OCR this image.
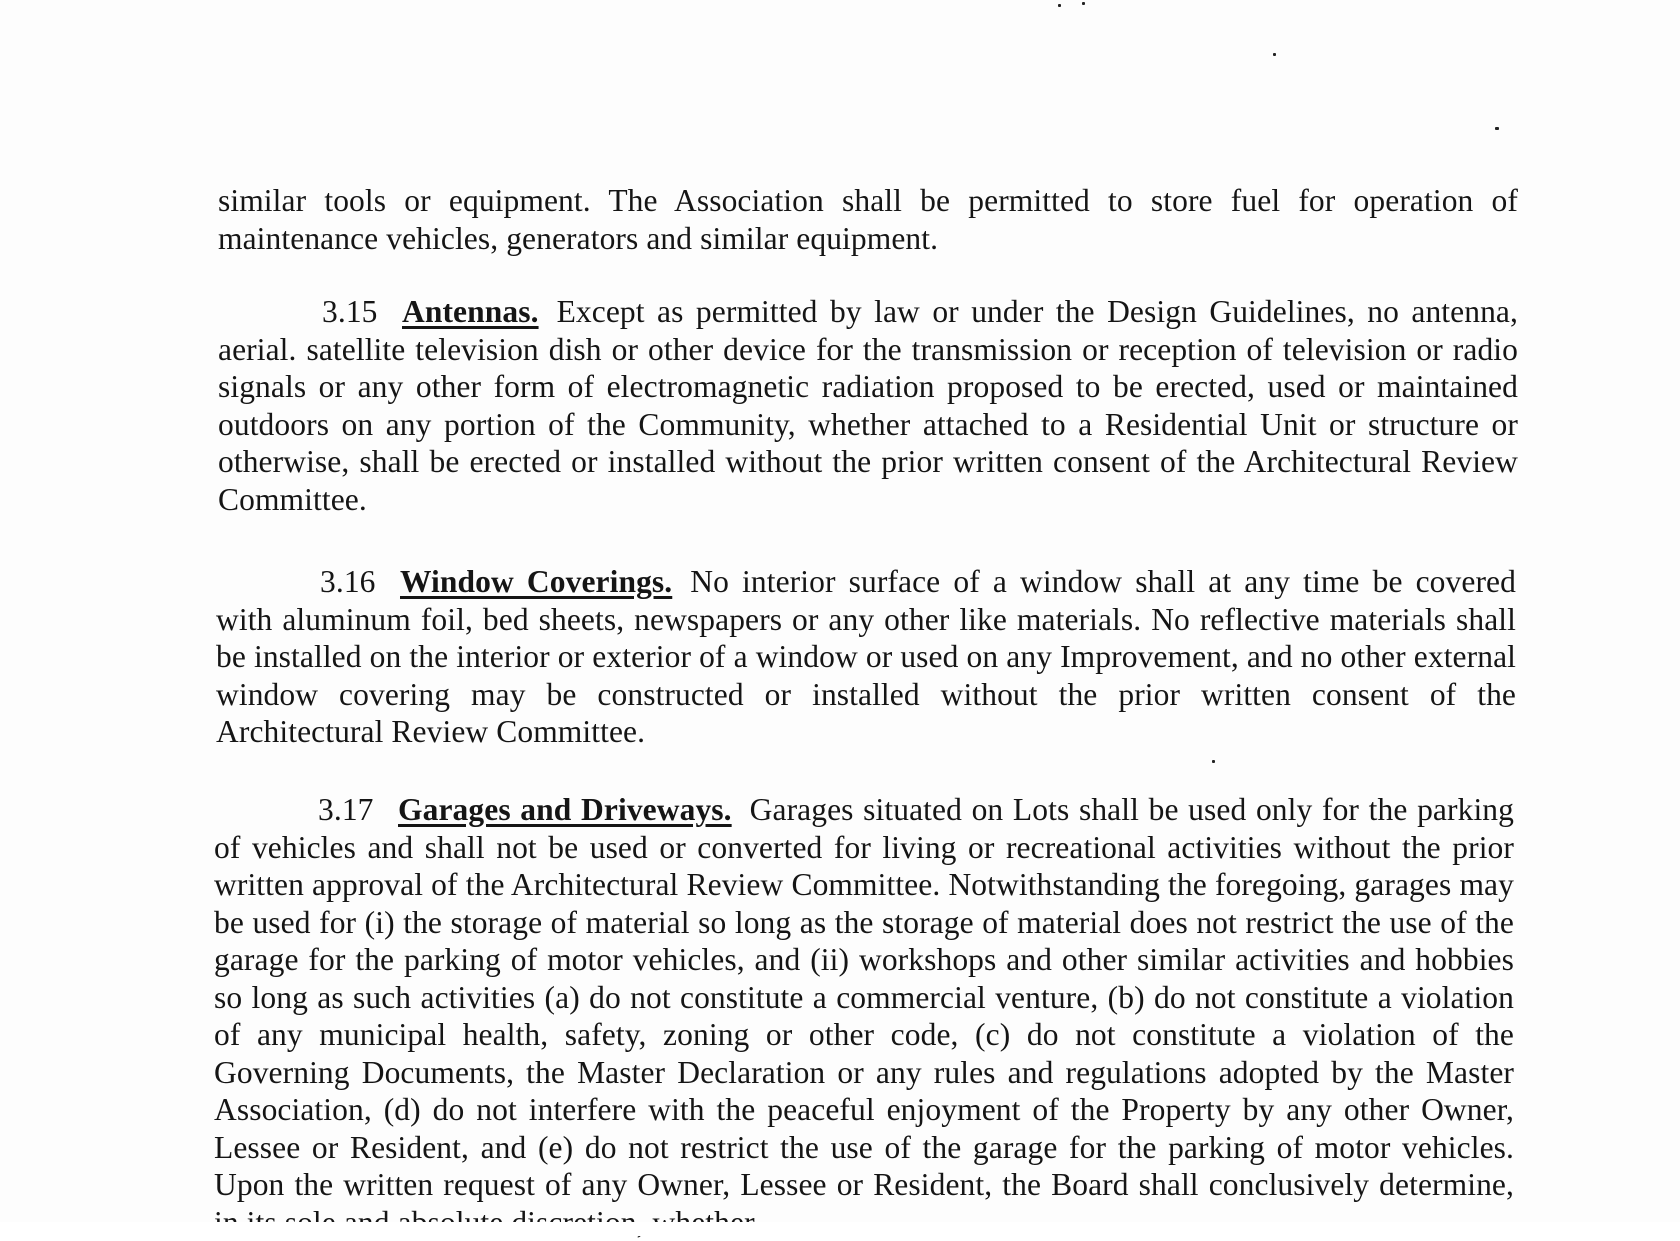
similar tools or equipment. The Association shall be permitted to store fuel for operation of maintenance vehicles, generators and similar equipment.

3.15 Antennas. Except as permitted by law or under the Design Guidelines, no antenna, aerial. satellite television dish or other device for the transmission or reception of television or radio signals or any other form of electromagnetic radiation proposed to be erected, used or maintained outdoors on any portion of the Community, whether attached to a Residential Unit or structure or otherwise, shall be erected or installed without the prior written consent of the Architectural Review Committee.

3.16 Window Coverings. No interior surface of a window shall at any time be covered with aluminum foil, bed sheets, newspapers or any other like materials. No reflective materials shall be installed on the interior or exterior of a window or used on any Improvement, and no other external window covering may be constructed or installed without the prior written consent of the Architectural Review Committee.

3.17 Garages and Driveways. Garages situated on Lots shall be used only for the parking of vehicles and shall not be used or converted for living or recreational activities without the prior written approval of the Architectural Review Committee. Notwithstanding the foregoing, garages may be used for (i) the storage of material so long as the storage of material does not restrict the use of the garage for the parking of motor vehicles, and (ii) workshops and other similar activities and hobbies so long as such activities (a) do not constitute a commercial venture, (b) do not constitute a violation of any municipal health, safety, zoning or other code, (c) do not constitute a violation of the Governing Documents, the Master Declaration or any rules and regulations adopted by the Master Association, (d) do not interfere with the peaceful enjoyment of the Property by any other Owner, Lessee or Resident, and (e) do not restrict the use of the garage for the parking of motor vehicles. Upon the written request of any Owner, Lessee or Resident, the Board shall conclusively determine,
